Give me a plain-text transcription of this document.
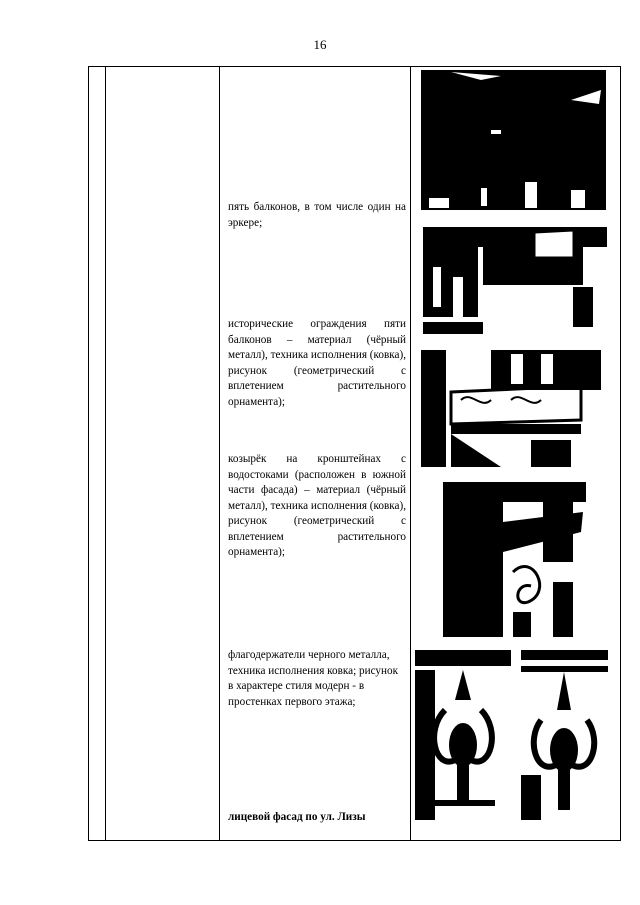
16
пять балконов, в том числе один на эркере;
исторические ограждения пяти балконов – материал (чёрный металл), техника исполнения (ковка), рисунок (геометрический с вплетением растительного орнамента);
козырёк на кронштейнах с водостоками (расположен в южной части фасада) – материал (чёрный металл), техника исполнения (ковка), рисунок (геометрический с вплетением растительного орнамента);
флагодержатели черного металла, техника исполнения ковка; рисунок в характере стиля модерн - в простенках первого этажа;
лицевой фасад по ул. Лизы
